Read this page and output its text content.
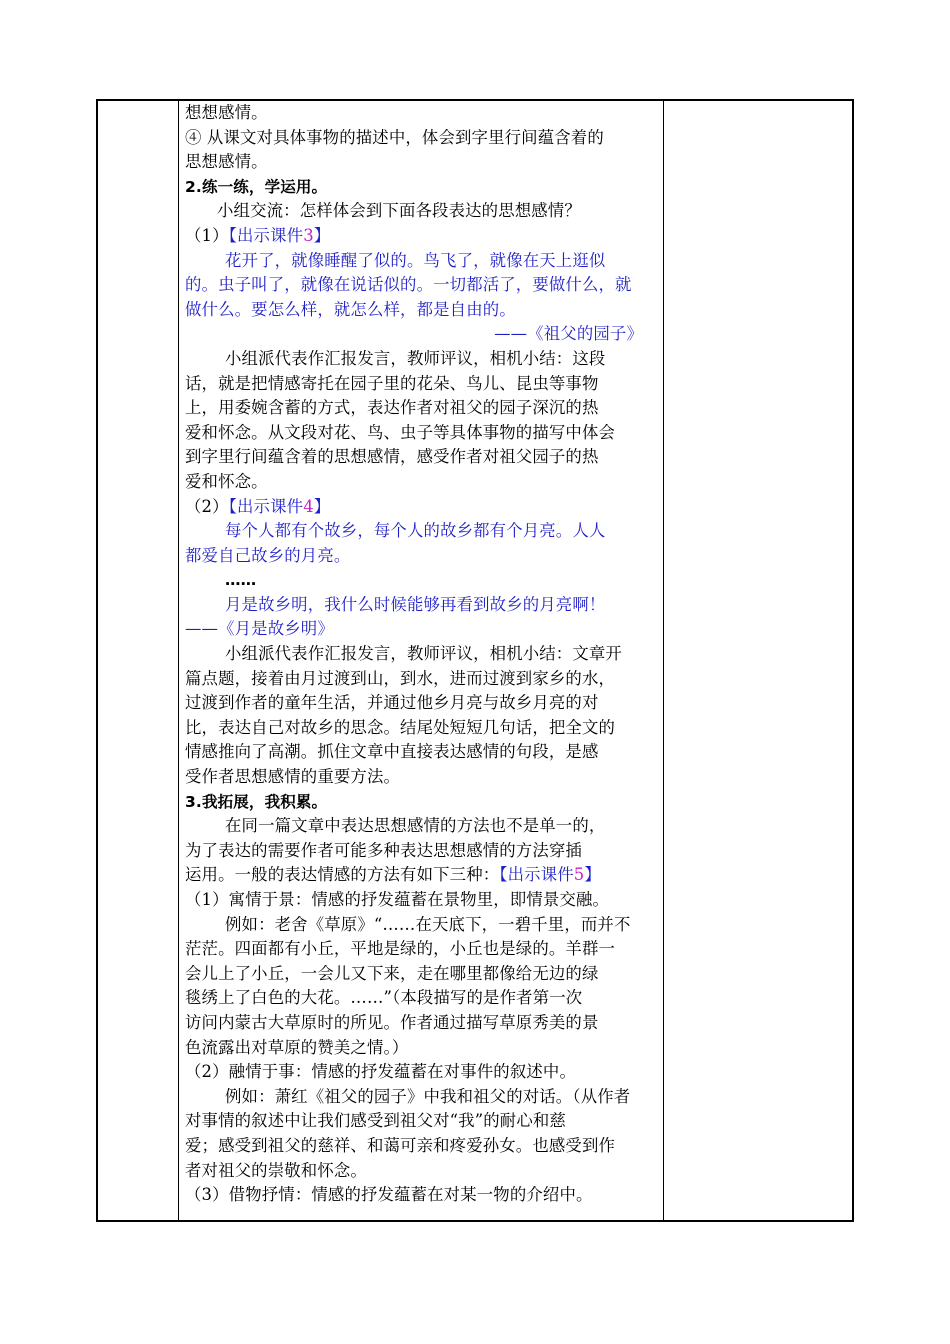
想想感情。
④ 从课文对具体事物的描述中，体会到字里行间蕴含着的
思想感情。
2.练一练，学运用。
小组交流：怎样体会到下面各段表达的思想感情？
（1）【出示课件3】
花开了，就像睡醒了似的。鸟飞了，就像在天上逛似
的。虫子叫了，就像在说话似的。一切都活了，要做什么，就
做什么。要怎么样，就怎么样，都是自由的。
——《祖父的园子》
小组派代表作汇报发言，教师评议，相机小结：这段
话，就是把情感寄托在园子里的花朵、鸟儿、昆虫等事物
上，用委婉含蓄的方式，表达作者对祖父的园子深沉的热
爱和怀念。从文段对花、鸟、虫子等具体事物的描写中体会
到字里行间蕴含着的思想感情，感受作者对祖父园子的热
爱和怀念。
（2）【出示课件4】
每个人都有个故乡，每个人的故乡都有个月亮。人人
都爱自己故乡的月亮。
……
月是故乡明，我什么时候能够再看到故乡的月亮啊！
——《月是故乡明》
小组派代表作汇报发言，教师评议，相机小结：文章开
篇点题，接着由月过渡到山，到水，进而过渡到家乡的水，
过渡到作者的童年生活，并通过他乡月亮与故乡月亮的对
比，表达自己对故乡的思念。结尾处短短几句话，把全文的
情感推向了高潮。抓住文章中直接表达感情的句段，是感
受作者思想感情的重要方法。
3.我拓展，我积累。
在同一篇文章中表达思想感情的方法也不是单一的，
为了表达的需要作者可能多种表达思想感情的方法穿插
运用。一般的表达情感的方法有如下三种：【出示课件5】
（1）寓情于景：情感的抒发蕴蓄在景物里，即情景交融。
例如：老舍《草原》“……在天底下，一碧千里，而并不
茫茫。四面都有小丘，平地是绿的，小丘也是绿的。羊群一
会儿上了小丘，一会儿又下来，走在哪里都像给无边的绿
毯绣上了白色的大花。……”（本段描写的是作者第一次
访问内蒙古大草原时的所见。作者通过描写草原秀美的景
色流露出对草原的赞美之情。）
（2）融情于事：情感的抒发蕴蓄在对事件的叙述中。
例如：萧红《祖父的园子》中我和祖父的对话。（从作者
对事情的叙述中让我们感受到祖父对“我”的耐心和慈
爱；感受到祖父的慈祥、和蔼可亲和疼爱孙女。也感受到作
者对祖父的崇敬和怀念。
（3）借物抒情：情感的抒发蕴蓄在对某一物的介绍中。
